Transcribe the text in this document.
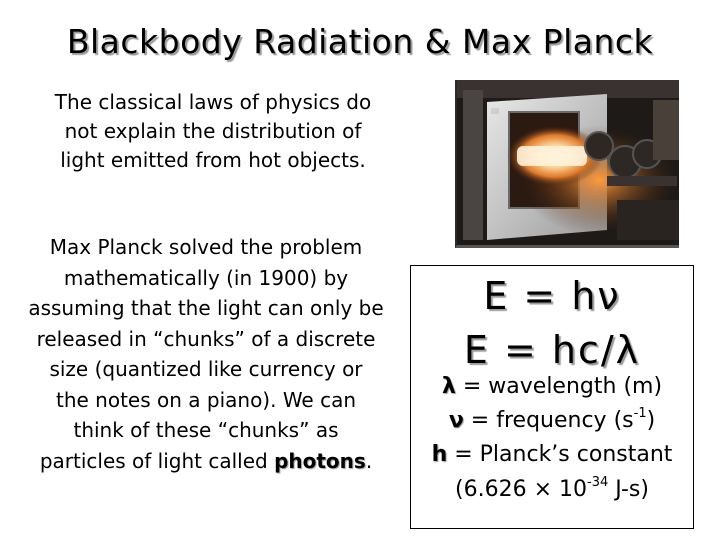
Blackbody Radiation & Max Planck
The classical laws of physics do
not explain the distribution of
light emitted from hot objects.
Max Planck solved the problem
mathematically (in 1900) by
assuming that the light can only be
released in “chunks” of a discrete
size (quantized like currency or
the notes on a piano). We can
think of these “chunks” as
particles of light called photons.
E = hν
E = hc/λ
λ = wavelength (m)
ν = frequency $(s^{-1})$
h = Planck’s constant
($6.626 \times 10^{-34}$ J-s)
